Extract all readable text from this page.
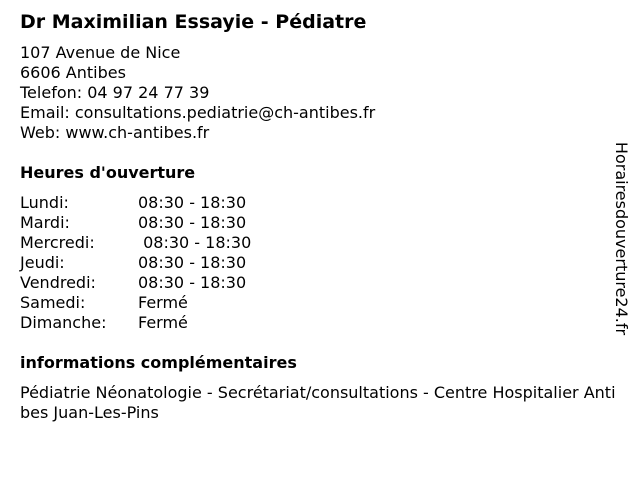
Dr Maximilian Essayie - Pédiatre
107 Avenue de Nice
6606 Antibes
Telefon: 04 97 24 77 39
Email: consultations.pediatrie@ch-antibes.fr
Web: www.ch-antibes.fr
Heures d'ouverture
Lundi:	08:30 - 18:30
Mardi:	08:30 - 18:30
Mercredi:	08:30 - 18:30
Jeudi:	08:30 - 18:30
Vendredi:	08:30 - 18:30
Samedi:	Fermé
Dimanche:	Fermé
informations complémentaires
Pédiatrie Néonatologie - Secrétariat/consultations - Centre Hospitalier Antibes Juan-Les-Pins
Horairesdouverture24.fr
